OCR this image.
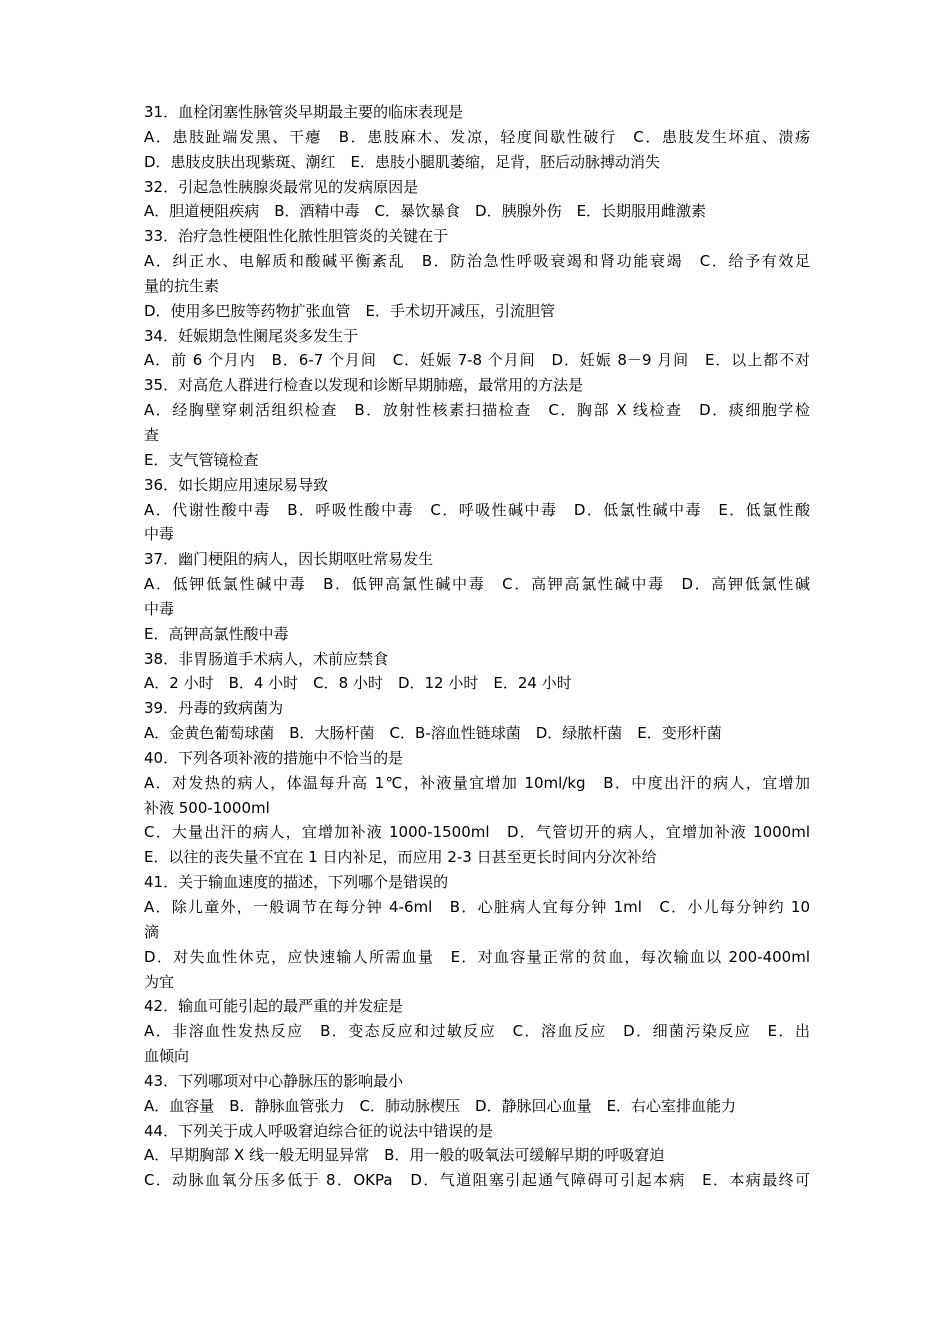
31．血栓闭塞性脉管炎早期最主要的临床表现是
A．患肢趾端发黑、干瘪　B．患肢麻木、发凉，轻度间歇性破行　C．患肢发生坏疽、溃疡
D．患肢皮肤出现紫斑、潮红　E．患肢小腿肌萎缩，足背，胚后动脉搏动消失
32．引起急性胰腺炎最常见的发病原因是
A．胆道梗阻疾病　B．酒精中毒　C．暴饮暴食　D．胰腺外伤　E．长期服用雌激素
33．治疗急性梗阻性化脓性胆管炎的关键在于
A．纠正水、电解质和酸碱平衡紊乱　B．防治急性呼吸衰竭和肾功能衰竭　C．给予有效足
量的抗生素
D．使用多巴胺等药物扩张血管　E．手术切开减压，引流胆管
34．妊娠期急性阑尾炎多发生于
A．前 6 个月内　B．6-7 个月间　C．妊娠 7-8 个月间　D．妊娠 8－9 月间　E．以上都不对
35．对高危人群进行检查以发现和诊断早期肺癌，最常用的方法是
A．经胸壁穿刺活组织检查　B．放射性核素扫描检查　C．胸部 X 线检查　D．痰细胞学检
查
E．支气管镜检查
36．如长期应用速尿易导致
A．代谢性酸中毒　B．呼吸性酸中毒　C．呼吸性碱中毒　D．低氯性碱中毒　E．低氯性酸
中毒
37．幽门梗阻的病人，因长期呕吐常易发生
A．低钾低氯性碱中毒　B．低钾高氯性碱中毒　C．高钾高氯性碱中毒　D．高钾低氯性碱
中毒
E．高钾高氯性酸中毒
38．非胃肠道手术病人，术前应禁食
A．2 小时　B．4 小时　C．8 小时　D．12 小时　E．24 小时
39．丹毒的致病菌为
A．金黄色葡萄球菌　B．大肠杆菌　C．Β-溶血性链球菌　D．绿脓杆菌　E．变形杆菌
40．下列各项补液的措施中不恰当的是
A．对发热的病人，体温每升高 1℃，补液量宜增加 10ml/kg　B．中度出汗的病人，宜增加
补液 500-1000ml
C．大量出汗的病人，宜增加补液 1000-1500ml　D．气管切开的病人，宜增加补液 1000ml
E．以往的丧失量不宜在 1 日内补足，而应用 2-3 日甚至更长时间内分次补给
41．关于输血速度的描述，下列哪个是错误的
A．除儿童外，一般调节在每分钟 4-6ml　B．心脏病人宜每分钟 1ml　C．小儿每分钟约 10
滴
D．对失血性休克，应快速输人所需血量　E．对血容量正常的贫血，每次输血以 200-400ml
为宜
42．输血可能引起的最严重的并发症是
A．非溶血性发热反应　B．变态反应和过敏反应　C．溶血反应　D．细菌污染反应　E．出
血倾向
43．下列哪项对中心静脉压的影响最小
A．血容量　B．静脉血管张力　C．肺动脉楔压　D．静脉回心血量　E．右心室排血能力
44．下列关于成人呼吸窘迫综合征的说法中错误的是
A．早期胸部 X 线一般无明显异常　B．用一般的吸氧法可缓解早期的呼吸窘迫
C．动脉血氧分压多低于 8．OKPa　D．气道阻塞引起通气障碍可引起本病　E．本病最终可
